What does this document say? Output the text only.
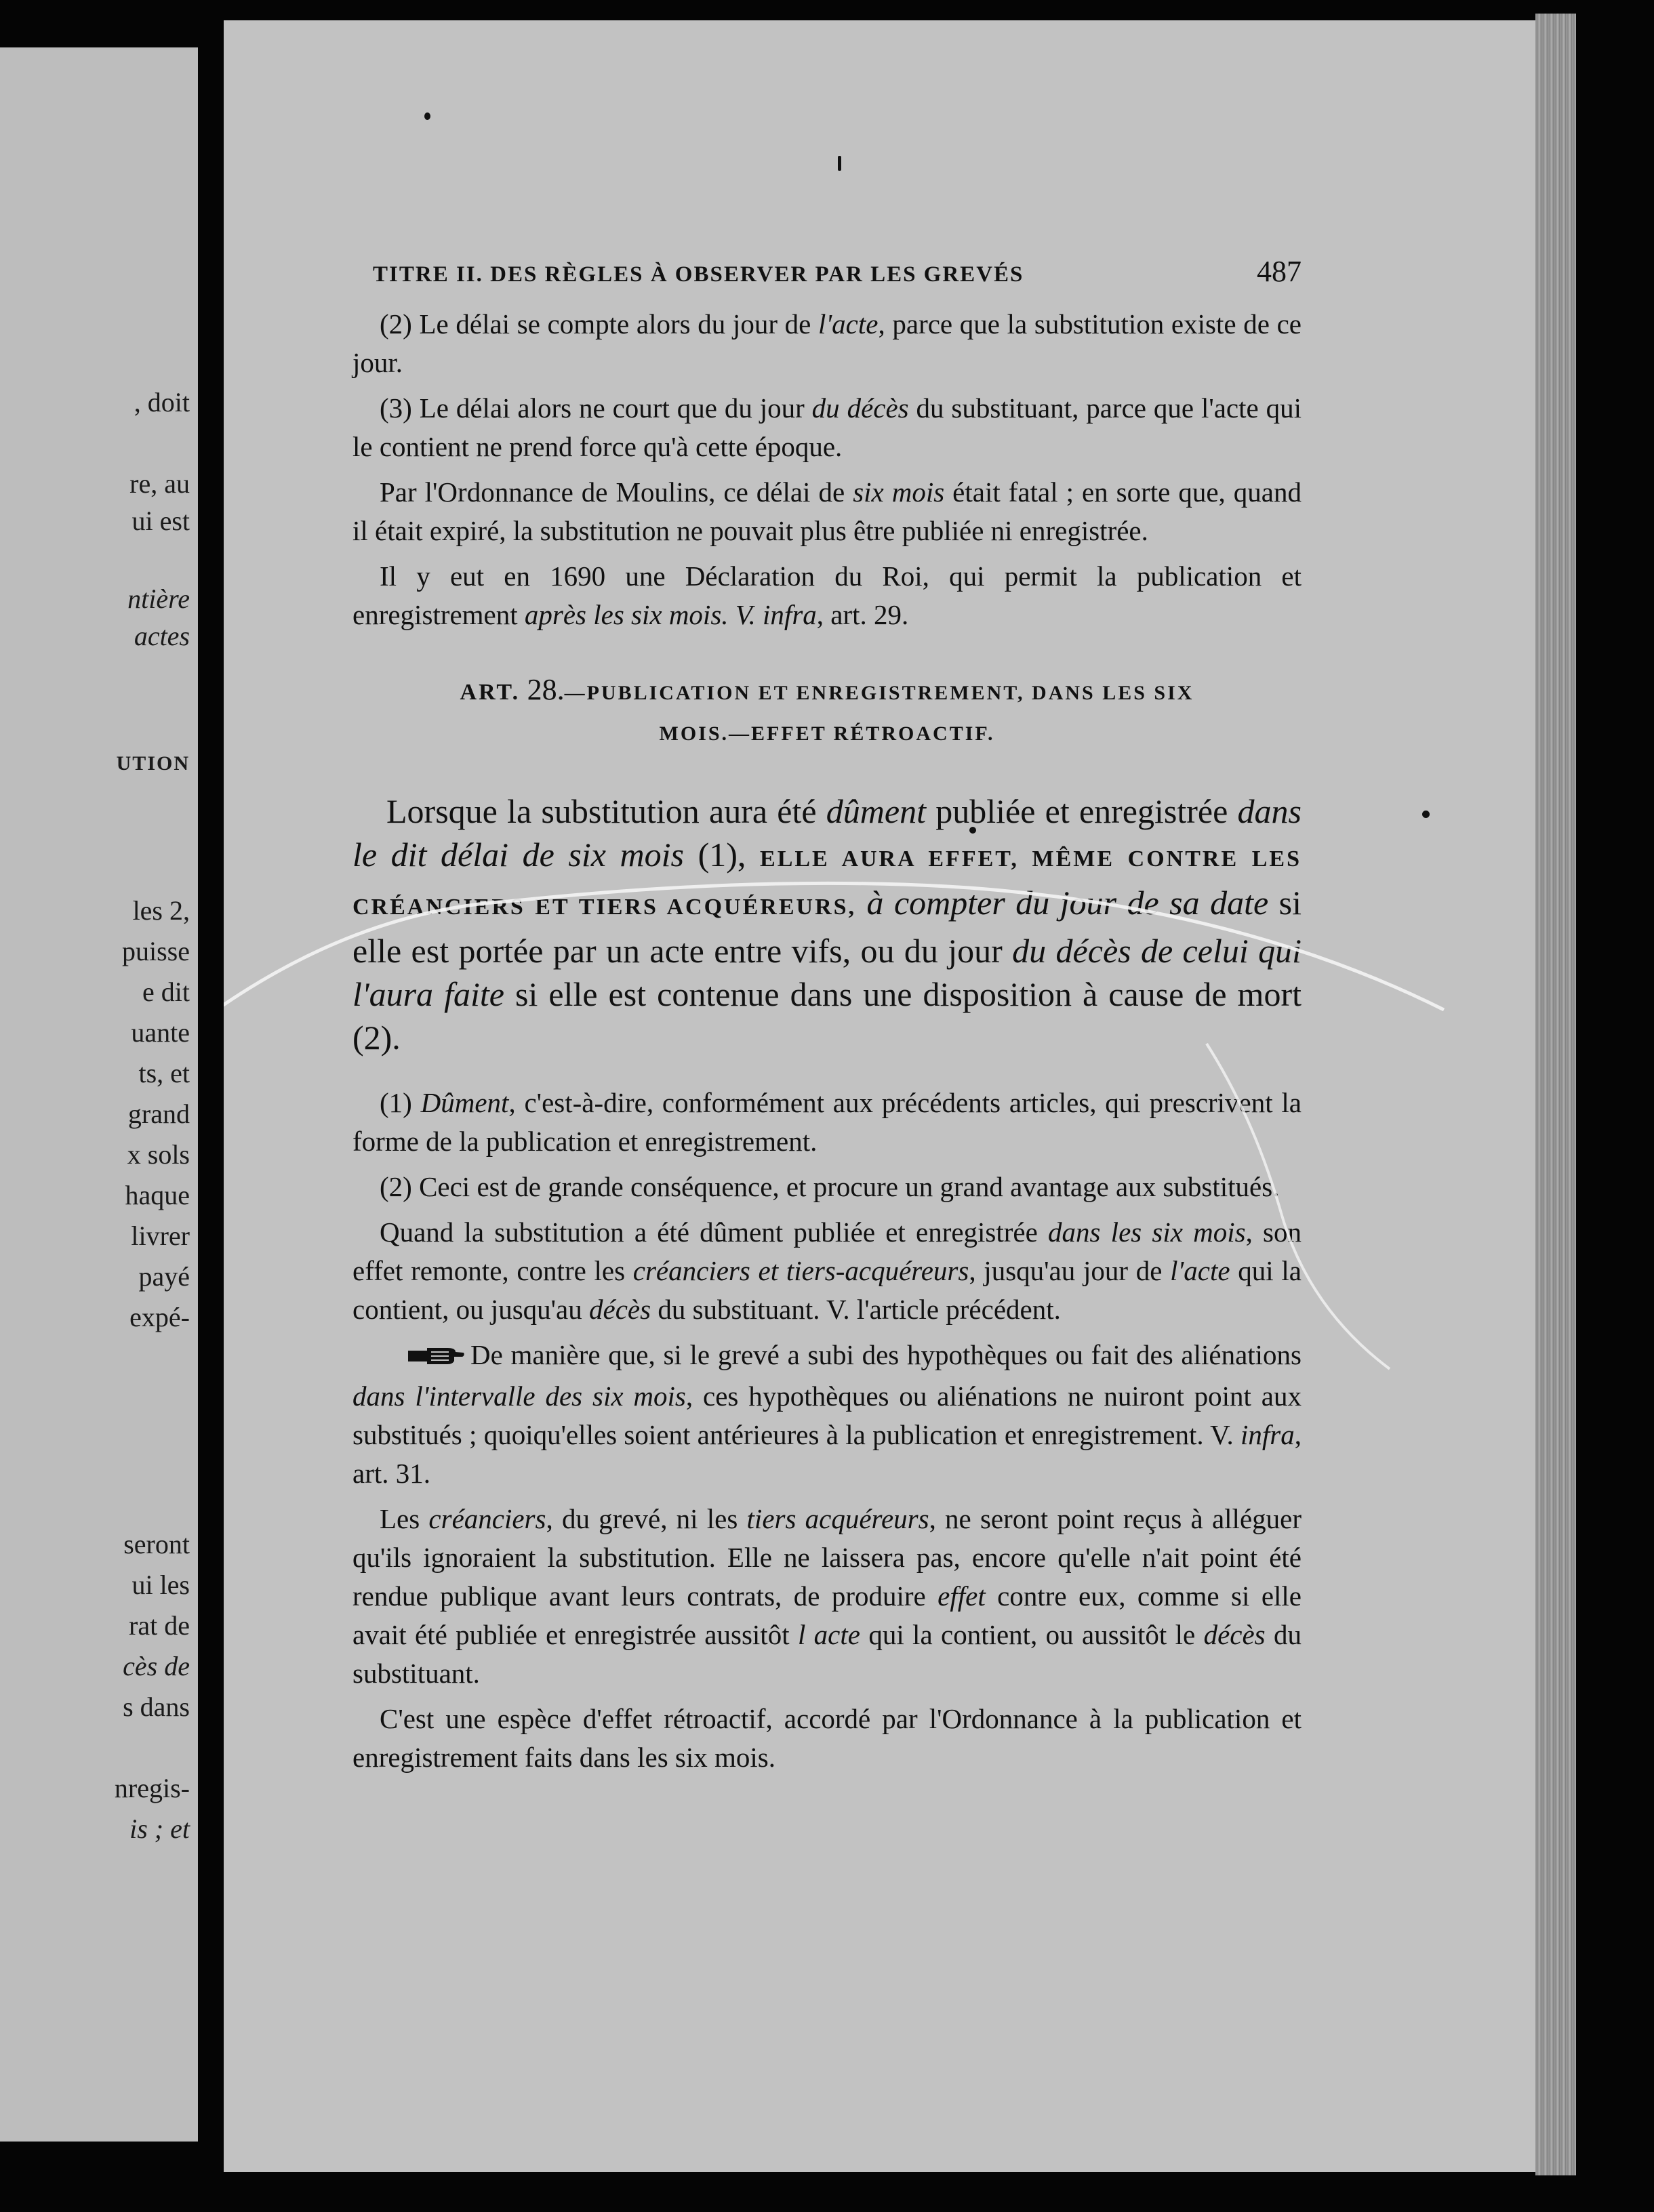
, doit
re, au
ui est
ntière
actes
UTION
les 2,
puisse
e dit
uante
ts, et
grand
x sols
haque
livrer
payé
expé-
seront
ui les
rat de
cès de
s dans
nregis-
is ; et
TITRE II. DES RÈGLES À OBSERVER PAR LES GREVÉS	487

(2) Le délai se compte alors du jour de l'acte, parce que la substitution existe de ce jour.

(3) Le délai alors ne court que du jour du décès du substituant, parce que l'acte qui le contient ne prend force qu'à cette époque.

Par l'Ordonnance de Moulins, ce délai de six mois était fatal ; en sorte que, quand il était expiré, la substitution ne pouvait plus être publiée ni enregistrée.

Il y eut en 1690 une Déclaration du Roi, qui permit la publication et enregistrement après les six mois. V. infra, art. 29.

ART. 28.—PUBLICATION ET ENREGISTREMENT, DANS LES SIX
MOIS.—EFFET RÉTROACTIF.

Lorsque la substitution aura été dûment publiée et enregistrée dans le dit délai de six mois (1), ELLE AURA EFFET, MÊME CONTRE LES CRÉANCIERS ET TIERS ACQUÉREURS, à compter du jour de sa date si elle est portée par un acte entre vifs, ou du jour du décès de celui qui l'aura faite si elle est contenue dans une disposition à cause de mort (2).

(1) Dûment, c'est-à-dire, conformément aux précédents articles, qui prescrivent la forme de la publication et enregistrement.

(2) Ceci est de grande conséquence, et procure un grand avantage aux substitués.

Quand la substitution a été dûment publiée et enregistrée dans les six mois, son effet remonte, contre les créanciers et tiers-acquéreurs, jusqu'au jour de l'acte qui la contient, ou jusqu'au décès du substituant. V. l'article précédent.

De manière que, si le grevé a subi des hypothèques ou fait des aliénations dans l'intervalle des six mois, ces hypothèques ou aliénations ne nuiront point aux substitués ; quoiqu'elles soient antérieures à la publication et enregistrement. V. infra, art. 31.

Les créanciers, du grevé, ni les tiers acquéreurs, ne seront point reçus à alléguer qu'ils ignoraient la substitution. Elle ne laissera pas, encore qu'elle n'ait point été rendue publique avant leurs contrats, de produire effet contre eux, comme si elle avait été publiée et enregistrée aussitôt l acte qui la contient, ou aussitôt le décès du substituant.

C'est une espèce d'effet rétroactif, accordé par l'Ordonnance à la publication et enregistrement faits dans les six mois.
